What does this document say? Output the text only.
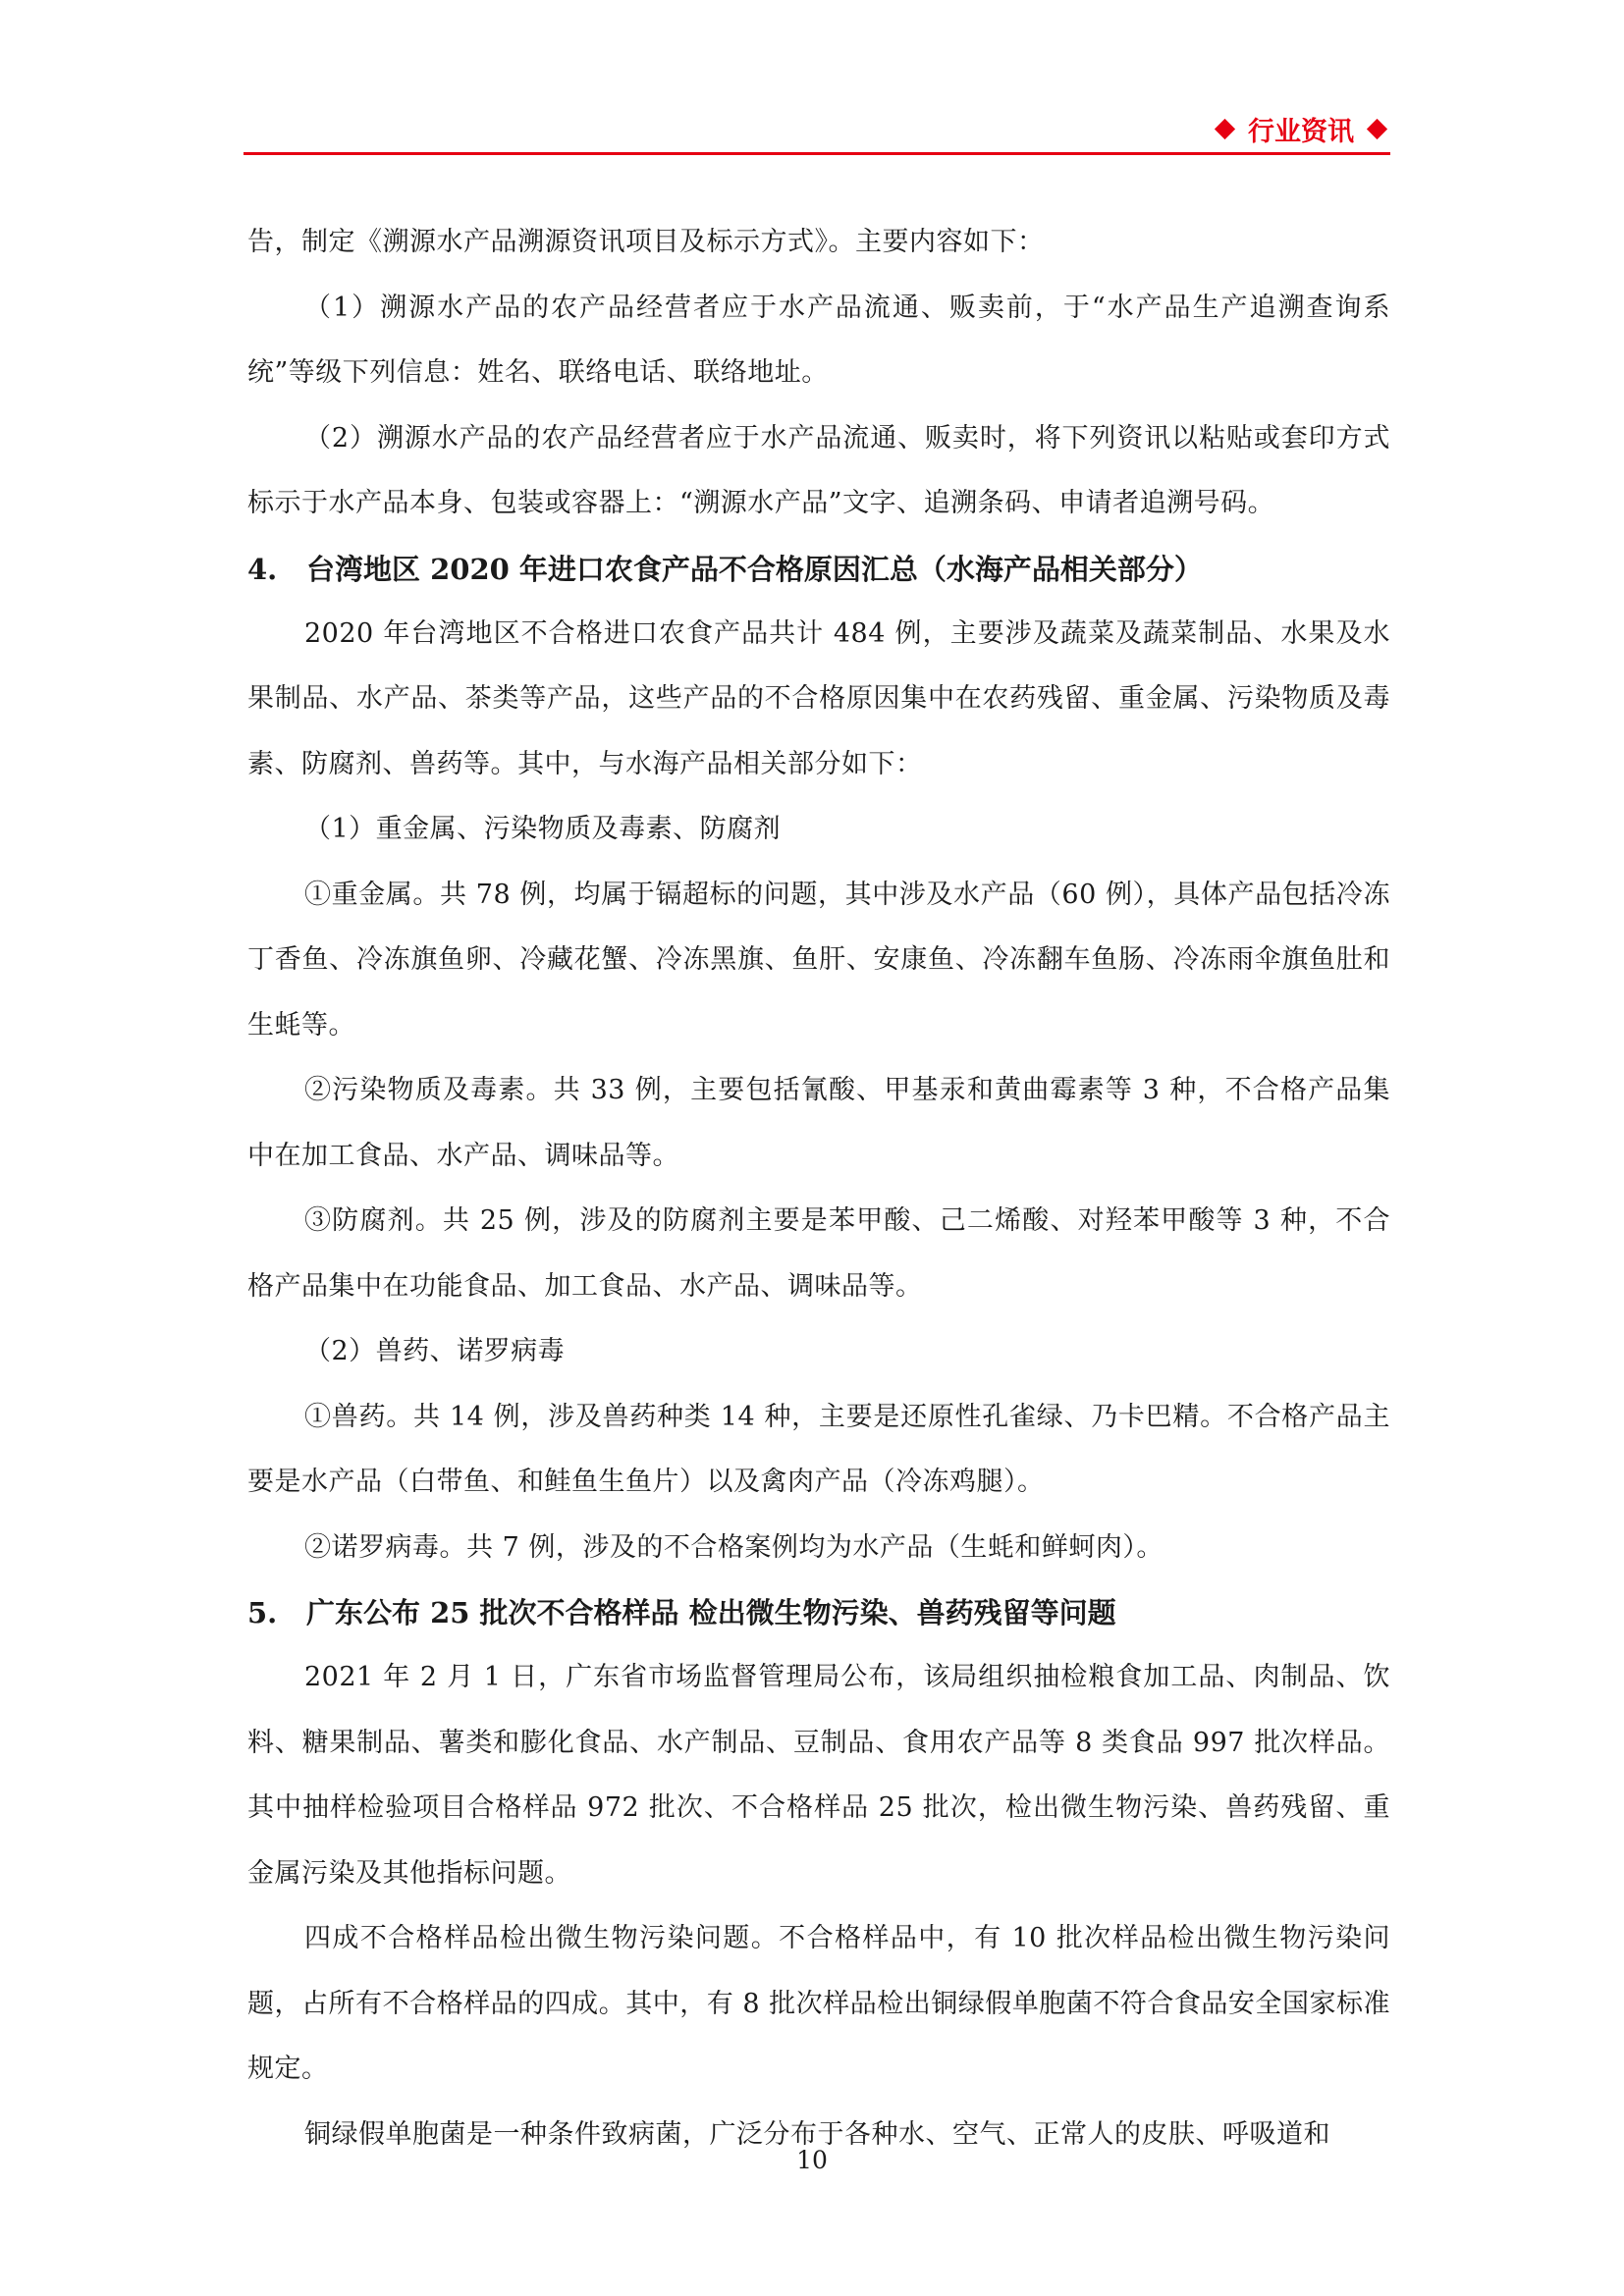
行业资讯

告，制定《溯源水产品溯源资讯项目及标示方式》。主要内容如下：

（1）溯源水产品的农产品经营者应于水产品流通、贩卖前，于“水产品生产追溯查询系统”等级下列信息：姓名、联络电话、联络地址。

（2）溯源水产品的农产品经营者应于水产品流通、贩卖时，将下列资讯以粘贴或套印方式标示于水产品本身、包装或容器上：“溯源水产品”文字、追溯条码、申请者追溯号码。

4. 台湾地区 2020 年进口农食产品不合格原因汇总（水海产品相关部分）

2020 年台湾地区不合格进口农食产品共计 484 例，主要涉及蔬菜及蔬菜制品、水果及水果制品、水产品、茶类等产品，这些产品的不合格原因集中在农药残留、重金属、污染物质及毒素、防腐剂、兽药等。其中，与水海产品相关部分如下：

（1）重金属、污染物质及毒素、防腐剂

①重金属。共 78 例，均属于镉超标的问题，其中涉及水产品（60 例），具体产品包括冷冻丁香鱼、冷冻旗鱼卵、冷藏花蟹、冷冻黑旗、鱼肝、安康鱼、冷冻翻车鱼肠、冷冻雨伞旗鱼肚和生蚝等。

②污染物质及毒素。共 33 例，主要包括氰酸、甲基汞和黄曲霉素等 3 种，不合格产品集中在加工食品、水产品、调味品等。

③防腐剂。共 25 例，涉及的防腐剂主要是苯甲酸、己二烯酸、对羟苯甲酸等 3 种，不合格产品集中在功能食品、加工食品、水产品、调味品等。

（2）兽药、诺罗病毒

①兽药。共 14 例，涉及兽药种类 14 种，主要是还原性孔雀绿、乃卡巴精。不合格产品主要是水产品（白带鱼、和鲑鱼生鱼片）以及禽肉产品（冷冻鸡腿）。

②诺罗病毒。共 7 例，涉及的不合格案例均为水产品（生蚝和鲜蚵肉）。

5. 广东公布 25 批次不合格样品 检出微生物污染、兽药残留等问题

2021 年 2 月 1 日，广东省市场监督管理局公布，该局组织抽检粮食加工品、肉制品、饮料、糖果制品、薯类和膨化食品、水产制品、豆制品、食用农产品等 8 类食品 997 批次样品。其中抽样检验项目合格样品 972 批次、不合格样品 25 批次，检出微生物污染、兽药残留、重金属污染及其他指标问题。

四成不合格样品检出微生物污染问题。不合格样品中，有 10 批次样品检出微生物污染问题，占所有不合格样品的四成。其中，有 8 批次样品检出铜绿假单胞菌不符合食品安全国家标准规定。

铜绿假单胞菌是一种条件致病菌，广泛分布于各种水、空气、正常人的皮肤、呼吸道和

10
